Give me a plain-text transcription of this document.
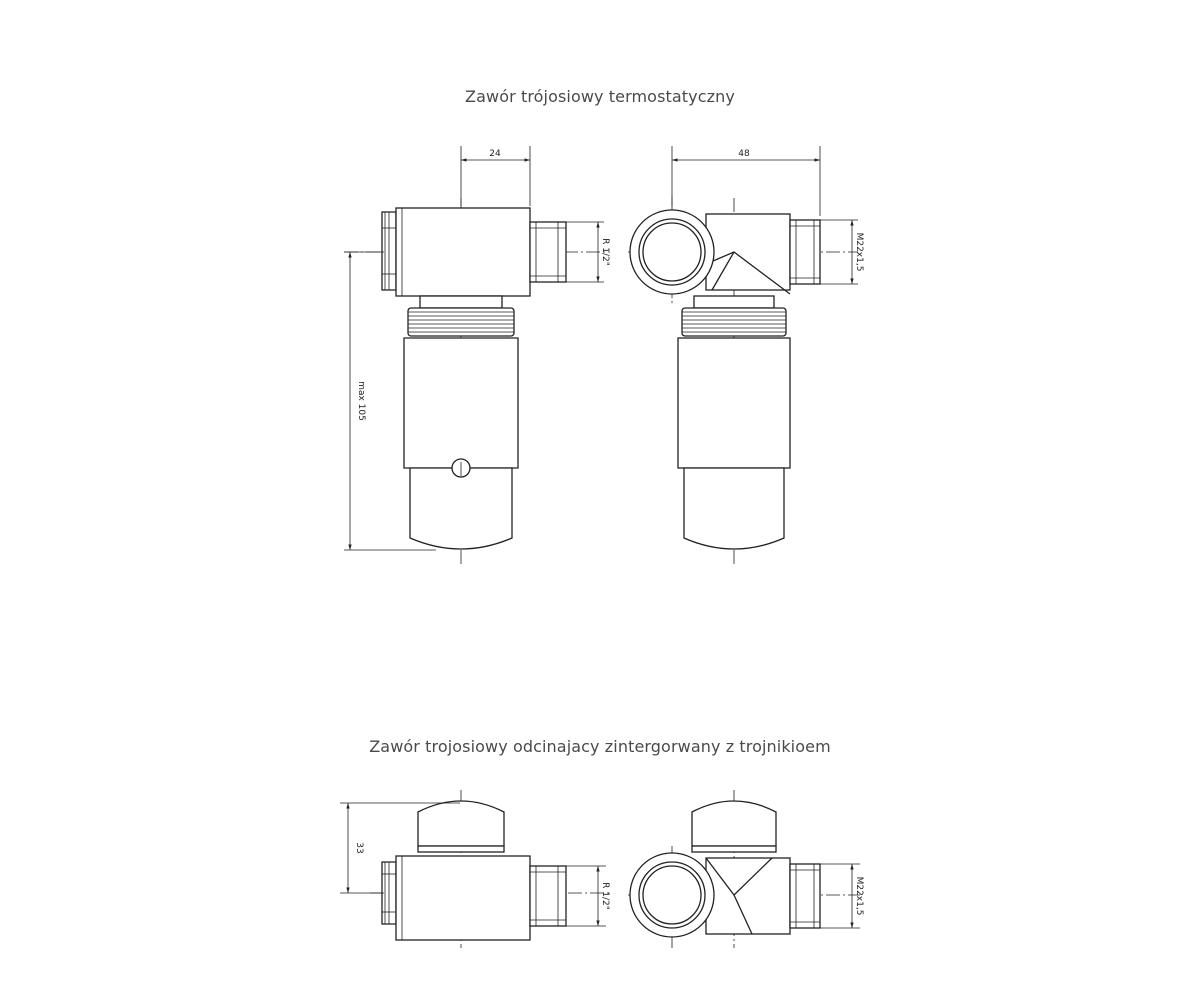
Zawór trójosiowy termostatyczny
Zawór trojosiowy odcinajacy zintergorwany z trojnikioem
24
max 105
R 1/2"
48
M22x1,5
33
R 1/2"	M22x1,5
